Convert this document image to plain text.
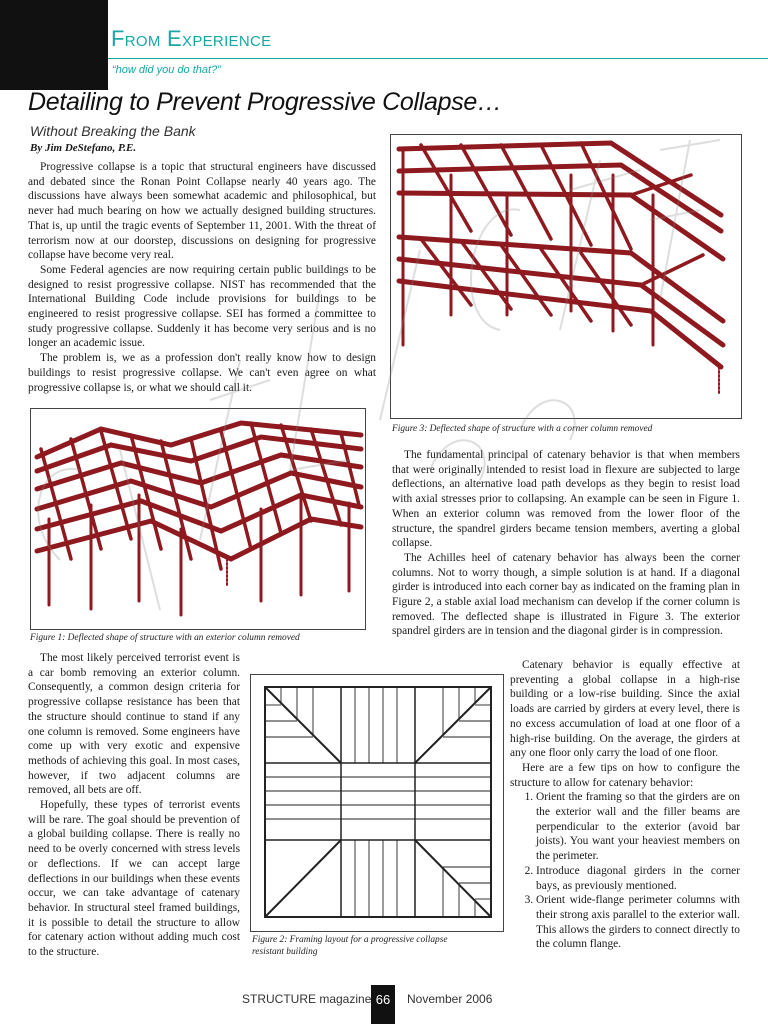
From Experience
“how did you do that?”
Detailing to Prevent Progressive Collapse…
Without Breaking the Bank
By Jim DeStefano, P.E.

Progressive collapse is a topic that structural engineers have discussed and debated since the Ronan Point Collapse nearly 40 years ago. The discussions have always been somewhat academic and philosophical, but never had much bearing on how we actually designed building structures. That is, up until the tragic events of September 11, 2001. With the threat of terrorism now at our doorstep, discussions on designing for progressive collapse have become very real.

Some Federal agencies are now requiring certain public buildings to be designed to resist progressive collapse. NIST has recommended that the International Building Code include provisions for buildings to be engineered to resist progressive collapse. SEI has formed a committee to study progressive collapse. Suddenly it has become very serious and is no longer an academic issue.

The problem is, we as a profession don't really know how to design buildings to resist progressive collapse. We can't even agree on what progressive collapse is, or what we should call it.

Figure 1: Deflected shape of structure with an exterior column removed

The most likely perceived terrorist event is a car bomb removing an exterior column. Consequently, a common design criteria for progressive collapse resistance has been that the structure should continue to stand if any one column is removed. Some engineers have come up with very exotic and expensive methods of achieving this goal. In most cases, however, if two adjacent columns are removed, all bets are off.

Hopefully, these types of terrorist events will be rare. The goal should be prevention of a global building collapse. There is really no need to be overly concerned with stress levels or deflections. If we can accept large deflections in our buildings when these events occur, we can take advantage of catenary behavior. In structural steel framed buildings, it is possible to detail the structure to allow for catenary action without adding much cost to the structure.

Figure 3: Deflected shape of structure with a corner column removed

The fundamental principal of catenary behavior is that when members that were originally intended to resist load in flexure are subjected to large deflections, an alternative load path develops as they begin to resist load with axial stresses prior to collapsing. An example can be seen in Figure 1. When an exterior column was removed from the lower floor of the structure, the spandrel girders became tension members, averting a global collapse.

The Achilles heel of catenary behavior has always been the corner columns. Not to worry though, a simple solution is at hand. If a diagonal girder is introduced into each corner bay as indicated on the framing plan in Figure 2, a stable axial load mechanism can develop if the corner column is removed. The deflected shape is illustrated in Figure 3. The exterior spandrel girders are in tension and the diagonal girder is in compression.

Figure 2: Framing layout for a progressive collapse
resistant building

Catenary behavior is equally effective at preventing a global collapse in a high-rise building or a low-rise building. Since the axial loads are carried by girders at every level, there is no excess accumulation of load at one floor of a high-rise building. On the average, the girders at any one floor only carry the load of one floor.

Here are a few tips on how to configure the structure to allow for catenary behavior:

1. Orient the framing so that the girders are on the exterior wall and the filler beams are perpendicular to the exterior (avoid bar joists). You want your heaviest members on the perimeter.
2. Introduce diagonal girders in the corner bays, as previously mentioned.
3. Orient wide-flange perimeter columns with their strong axis parallel to the exterior wall. This allows the girders to connect directly to the column flange.
STRUCTURE magazine 66	November 2006
